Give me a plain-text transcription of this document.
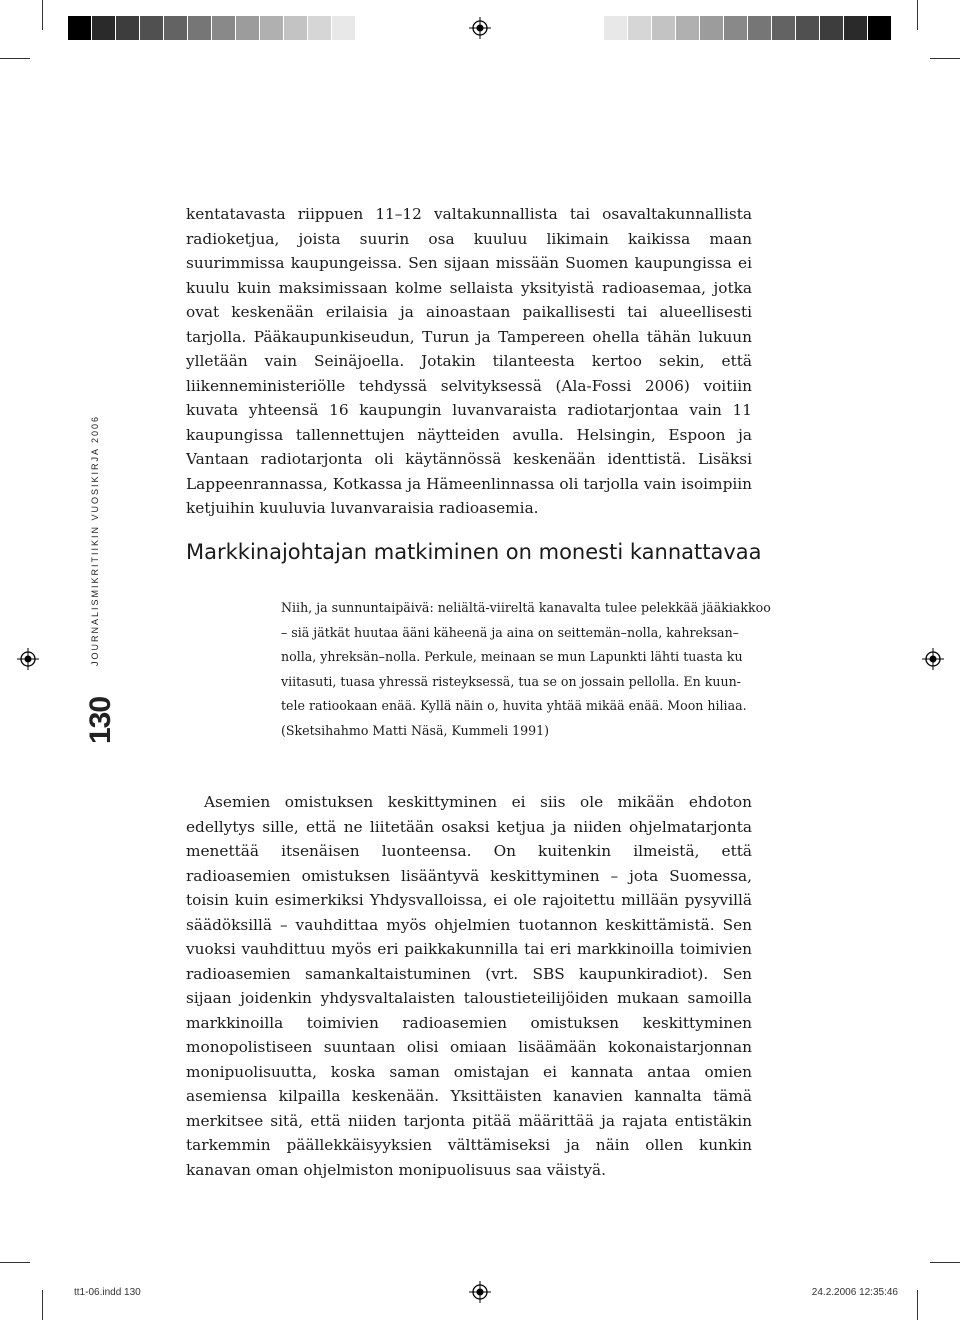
JOURNALISMIKRITIIKIN VUOSIKIRJA 2006
130
kentatavasta riippuen 11–12 valtakunnallista tai osavaltakunnallista radioketjua, joista suurin osa kuuluu likimain kaikissa maan suurimmissa kaupungeissa. Sen sijaan missään Suomen kaupungissa ei kuulu kuin maksimissaan kolme sellaista yksityistä radioasemaa, jotka ovat keskenään erilaisia ja ainoastaan paikallisesti tai alueellisesti tarjolla. Pääkaupunkiseudun, Turun ja Tampereen ohella tähän lukuun ylletään vain Seinäjoella. Jotakin tilanteesta kertoo sekin, että liikenneministeriölle tehdyssä selvityksessä (Ala-Fossi 2006) voitiin kuvata yhteensä 16 kaupungin luvanvaraista radiotarjontaa vain 11 kaupungissa tallennettujen näytteiden avulla. Helsingin, Espoon ja Vantaan radiotarjonta oli käytännössä keskenään identtistä. Lisäksi Lappeenrannassa, Kotkassa ja Hämeenlinnassa oli tarjolla vain isoimpiin ketjuihin kuuluvia luvanvaraisia radioasemia.
Markkinajohtajan matkiminen on monesti kannattavaa
Niih, ja sunnuntaipäivä: neliältä-viireltä kanavalta tulee pelekkää jääkiakkoo
– siä jätkät huutaa ääni käheenä ja aina on seittemän–nolla, kahreksan–
nolla, yhreksän–nolla. Perkule, meinaan se mun Lapunkti lähti tuasta ku
viitasuti, tuasa yhressä risteyksessä, tua se on jossain pellolla. En kuun-
tele ratiookaan enää. Kyllä näin o, huvita yhtää mikää enää. Moon hiliaa.
(Sketsihahmo Matti Näsä, Kummeli 1991)
Asemien omistuksen keskittyminen ei siis ole mikään ehdoton edellytys sille, että ne liitetään osaksi ketjua ja niiden ohjelmatarjonta menettää itsenäisen luonteensa. On kuitenkin ilmeistä, että radioasemien omistuksen lisääntyvä keskittyminen – jota Suomessa, toisin kuin esimerkiksi Yhdysvalloissa, ei ole rajoitettu millään pysyvillä säädöksillä – vauhdittaa myös ohjelmien tuotannon keskittämistä. Sen vuoksi vauhdittuu myös eri paikkakunnilla tai eri markkinoilla toimivien radioasemien samankaltaistuminen (vrt. SBS kaupunkiradiot). Sen sijaan joidenkin yhdysvaltalaisten taloustieteilijöiden mukaan samoilla markkinoilla toimivien radioasemien omistuksen keskittyminen monopolistiseen suuntaan olisi omiaan lisäämään kokonaistarjonnan monipuolisuutta, koska saman omistajan ei kannata antaa omien asemiensa kilpailla keskenään. Yksittäisten kanavien kannalta tämä merkitsee sitä, että niiden tarjonta pitää määrittää ja rajata entistäkin tarkemmin päällekkäisyyksien välttämiseksi ja näin ollen kunkin kanavan oman ohjelmiston monipuolisuus saa väistyä.
tt1-06.indd 130	24.2.2006 12:35:46
